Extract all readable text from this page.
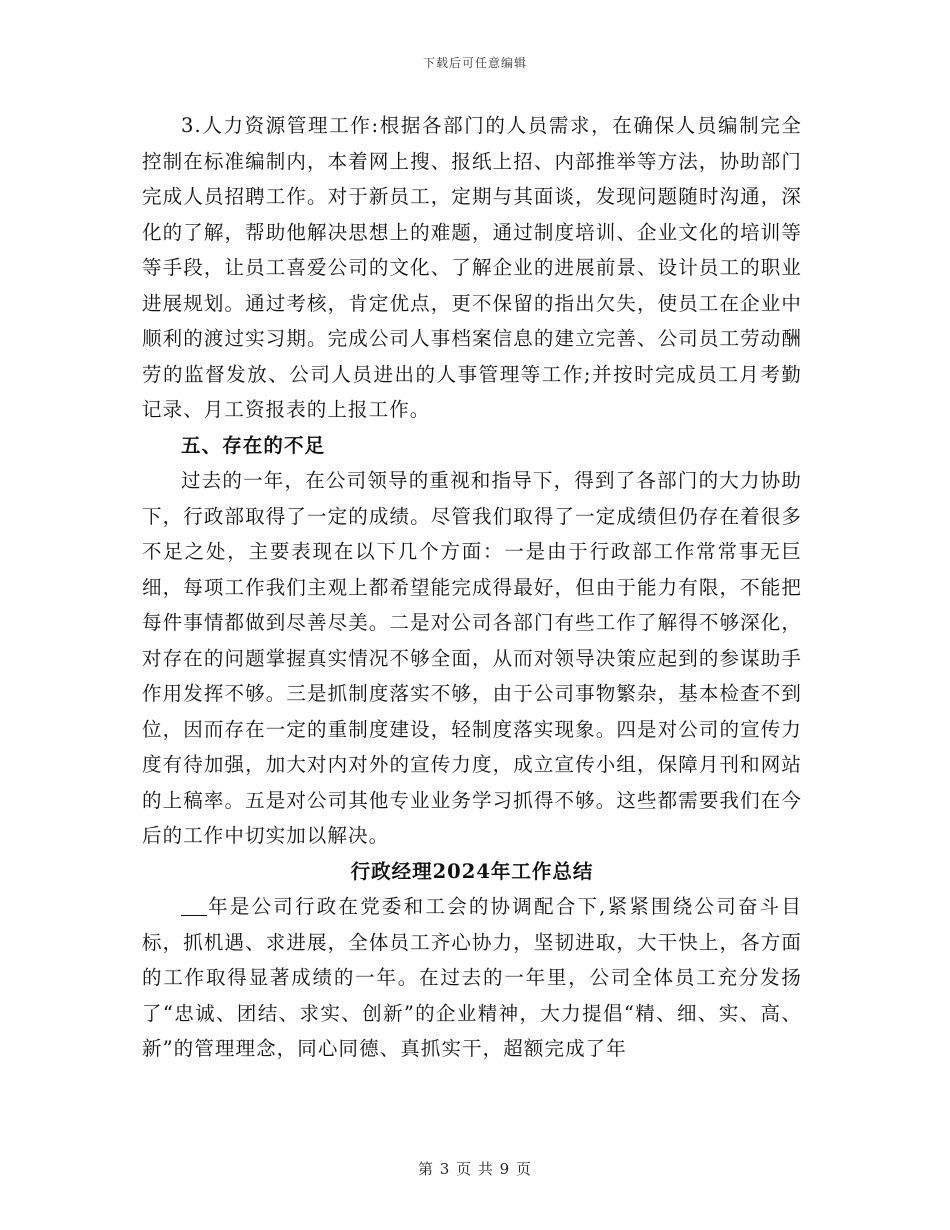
下载后可任意编辑

3.人力资源管理工作:根据各部门的人员需求，在确保人员编制完全控制在标准编制内，本着网上搜、报纸上招、内部推举等方法，协助部门完成人员招聘工作。对于新员工，定期与其面谈，发现问题随时沟通，深化的了解，帮助他解决思想上的难题，通过制度培训、企业文化的培训等等手段，让员工喜爱公司的文化、了解企业的进展前景、设计员工的职业进展规划。通过考核，肯定优点，更不保留的指出欠失，使员工在企业中顺利的渡过实习期。完成公司人事档案信息的建立完善、公司员工劳动酬劳的监督发放、公司人员进出的人事管理等工作;并按时完成员工月考勤记录、月工资报表的上报工作。

五、存在的不足

过去的一年，在公司领导的重视和指导下，得到了各部门的大力协助下，行政部取得了一定的成绩。尽管我们取得了一定成绩但仍存在着很多不足之处，主要表现在以下几个方面：一是由于行政部工作常常事无巨细，每项工作我们主观上都希望能完成得最好，但由于能力有限，不能把每件事情都做到尽善尽美。二是对公司各部门有些工作了解得不够深化，对存在的问题掌握真实情况不够全面，从而对领导决策应起到的参谋助手作用发挥不够。三是抓制度落实不够，由于公司事物繁杂，基本检查不到位，因而存在一定的重制度建设，轻制度落实现象。四是对公司的宣传力度有待加强，加大对内对外的宣传力度，成立宣传小组，保障月刊和网站的上稿率。五是对公司其他专业业务学习抓得不够。这些都需要我们在今后的工作中切实加以解决。

行政经理2024年工作总结

年是公司行政在党委和工会的协调配合下,紧紧围绕公司奋斗目标，抓机遇、求进展，全体员工齐心协力，坚韧进取，大干快上，各方面的工作取得显著成绩的一年。在过去的一年里，公司全体员工充分发扬了“忠诚、团结、求实、创新”的企业精神，大力提倡“精、细、实、高、新”的管理理念，同心同德、真抓实干，超额完成了年

第 3 页 共 9 页
